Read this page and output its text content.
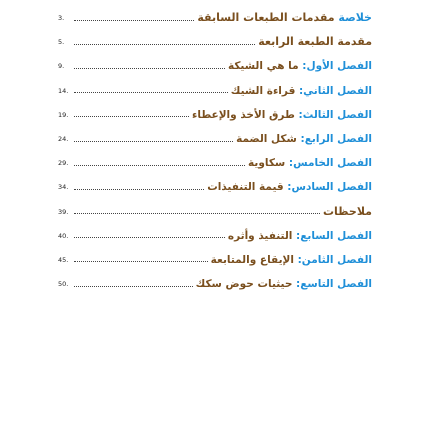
3.	خلاصة مقدمات الطبعات السابقة
5.	مقدمة الطبعة الرابعة
9.	الفصل الأول: ما هي الشيكة
14.	الفصل الثاني: قراءة الشيك
19.	الفصل الثالث: طرق الأخذ والإعطاء
24.	الفصل الرابع: شكل الضمة
29.	الفصل الخامس: سكاوية
34.	الفصل السادس: قيمة التنفيذات
39.	ملاحظات
40.	الفصل السابع: التنفيذ وأثره
45.	الفصل الثامن: الإيقاع والمتابعة
50.	الفصل التاسع: حيثيات حوض سكك
